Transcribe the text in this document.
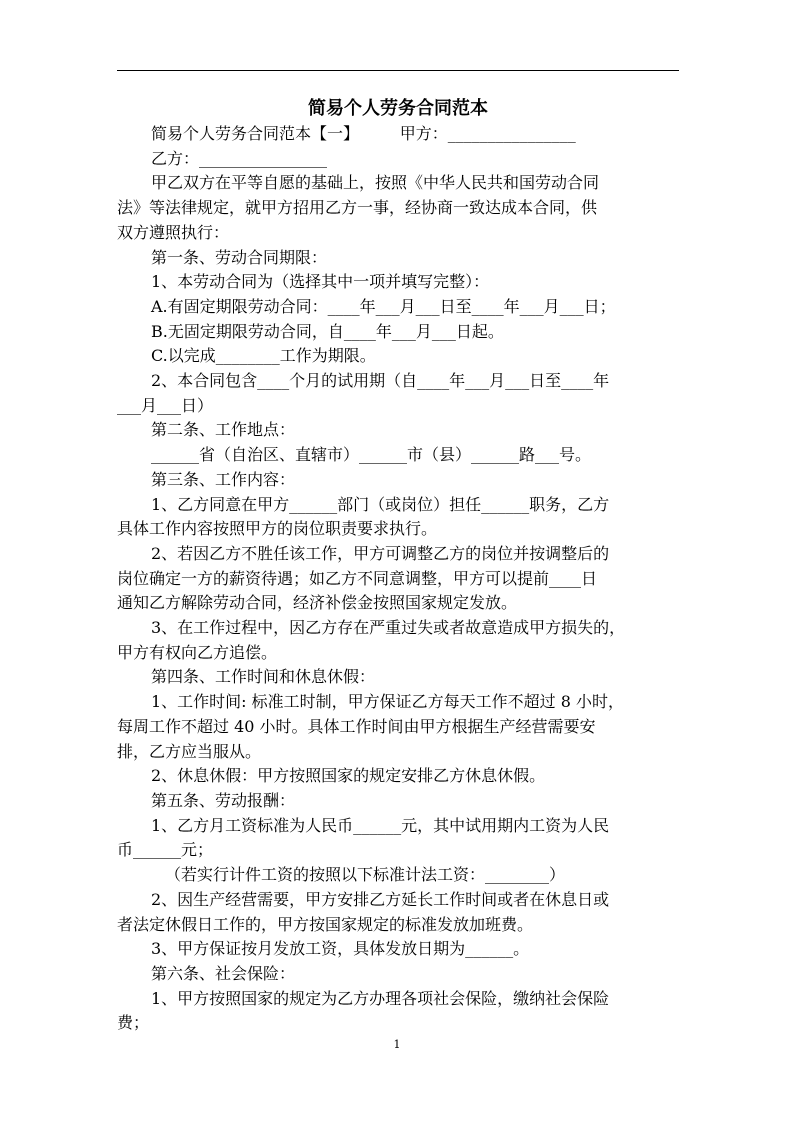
简易个人劳务合同范本
简易个人劳务合同范本【一】        甲方：________________
乙方：________________
甲乙双方在平等自愿的基础上，按照《中华人民共和国劳动合同
法》等法律规定，就甲方招用乙方一事，经协商一致达成本合同，供
双方遵照执行：
第一条、劳动合同期限：
1、本劳动合同为（选择其中一项并填写完整）：
A.有固定期限劳动合同：____年___月___日至____年___月___日；
B.无固定期限劳动合同，自____年___月___日起。
C.以完成________工作为期限。
2、本合同包含____个月的试用期（自____年___月___日至____年
___月___日）
第二条、工作地点：
______省（自治区、直辖市）______市（县）______路___号。
第三条、工作内容：
1、乙方同意在甲方______部门（或岗位）担任______职务，乙方
具体工作内容按照甲方的岗位职责要求执行。
2、若因乙方不胜任该工作，甲方可调整乙方的岗位并按调整后的
岗位确定一方的薪资待遇；如乙方不同意调整，甲方可以提前____日
通知乙方解除劳动合同，经济补偿金按照国家规定发放。
3、在工作过程中，因乙方存在严重过失或者故意造成甲方损失的，
甲方有权向乙方追偿。
第四条、工作时间和休息休假：
1、工作时间: 标准工时制，甲方保证乙方每天工作不超过 8 小时，
每周工作不超过 40 小时。具体工作时间由甲方根据生产经营需要安
排，乙方应当服从。
2、休息休假：甲方按照国家的规定安排乙方休息休假。
第五条、劳动报酬：
1、乙方月工资标准为人民币______元，其中试用期内工资为人民
币______元；
（若实行计件工资的按照以下标准计法工资：________）
2、因生产经营需要，甲方安排乙方延长工作时间或者在休息日或
者法定休假日工作的，甲方按国家规定的标准发放加班费。
3、甲方保证按月发放工资，具体发放日期为______。
第六条、社会保险：
1、甲方按照国家的规定为乙方办理各项社会保险，缴纳社会保险
费；
1
